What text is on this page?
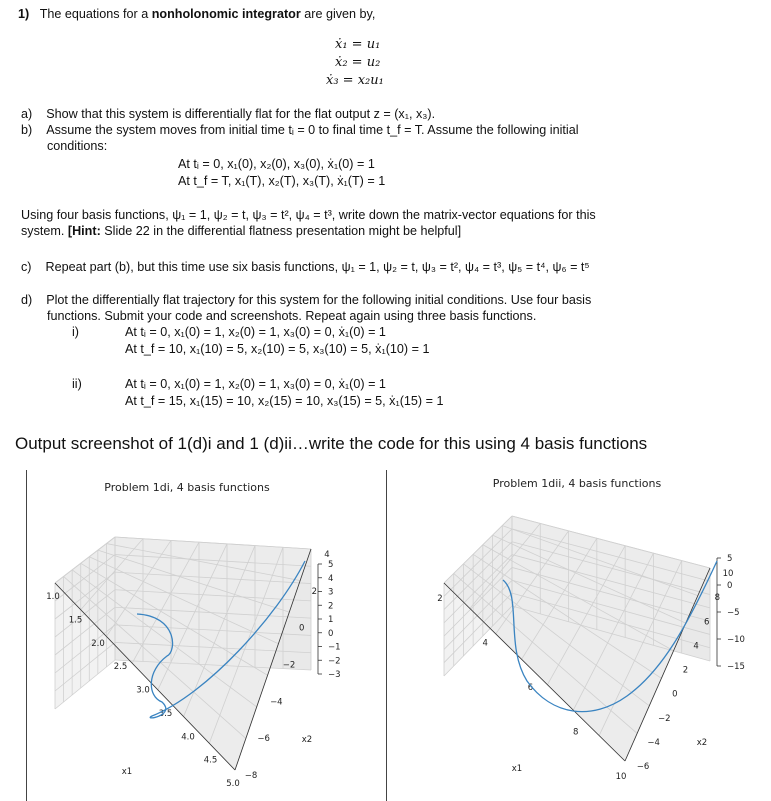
1) The equations for a nonholonomic integrator are given by,
ẋ₁ = u₁
ẋ₂ = u₂
ẋ₃ = x₂u₁
a) Show that this system is differentially flat for the flat output z = (x₁, x₃).
b) Assume the system moves from initial time tᵢ = 0 to final time t_f = T. Assume the following initial
conditions:
At tᵢ = 0, x₁(0), x₂(0), x₃(0), ẋ₁(0) = 1
At t_f = T, x₁(T), x₂(T), x₃(T), ẋ₁(T) = 1
Using four basis functions, ψ₁ = 1, ψ₂ = t, ψ₃ = t², ψ₄ = t³, write down the matrix-vector equations for this
system. [Hint: Slide 22 in the differential flatness presentation might be helpful]
c) Repeat part (b), but this time use six basis functions, ψ₁ = 1, ψ₂ = t, ψ₃ = t², ψ₄ = t³, ψ₅ = t⁴, ψ₆ = t⁵
d) Plot the differentially flat trajectory for this system for the following initial conditions. Use four basis
functions. Submit your code and screenshots. Repeat again using three basis functions.
i)	At tᵢ = 0, x₁(0) = 1, x₂(0) = 1, x₃(0) = 0, ẋ₁(0) = 1
At t_f = 10, x₁(10) = 5, x₂(10) = 5, x₃(10) = 5, ẋ₁(10) = 1
ii)	At tᵢ = 0, x₁(0) = 1, x₂(0) = 1, x₃(0) = 0, ẋ₁(0) = 1
At t_f = 15, x₁(15) = 10, x₂(15) = 10, x₃(15) = 5, ẋ₁(15) = 1
Output screenshot of 1(d)i and 1 (d)ii…write the code for this using 4 basis functions
Problem 1di, 4 basis functions
1.0
1.5
2.0
2.5
3.0
3.5
4.0
4.5
5.0
x1	−8
−6
−4
−2
0
2
4
x2
5
4
3
2
1
0
−1
−2
−3
Problem 1dii, 4 basis functions
2
4
6
8
10
x1	−6
−4
−2
0
2
4
6
8
10
x2
5
0
−5
−10
−15
